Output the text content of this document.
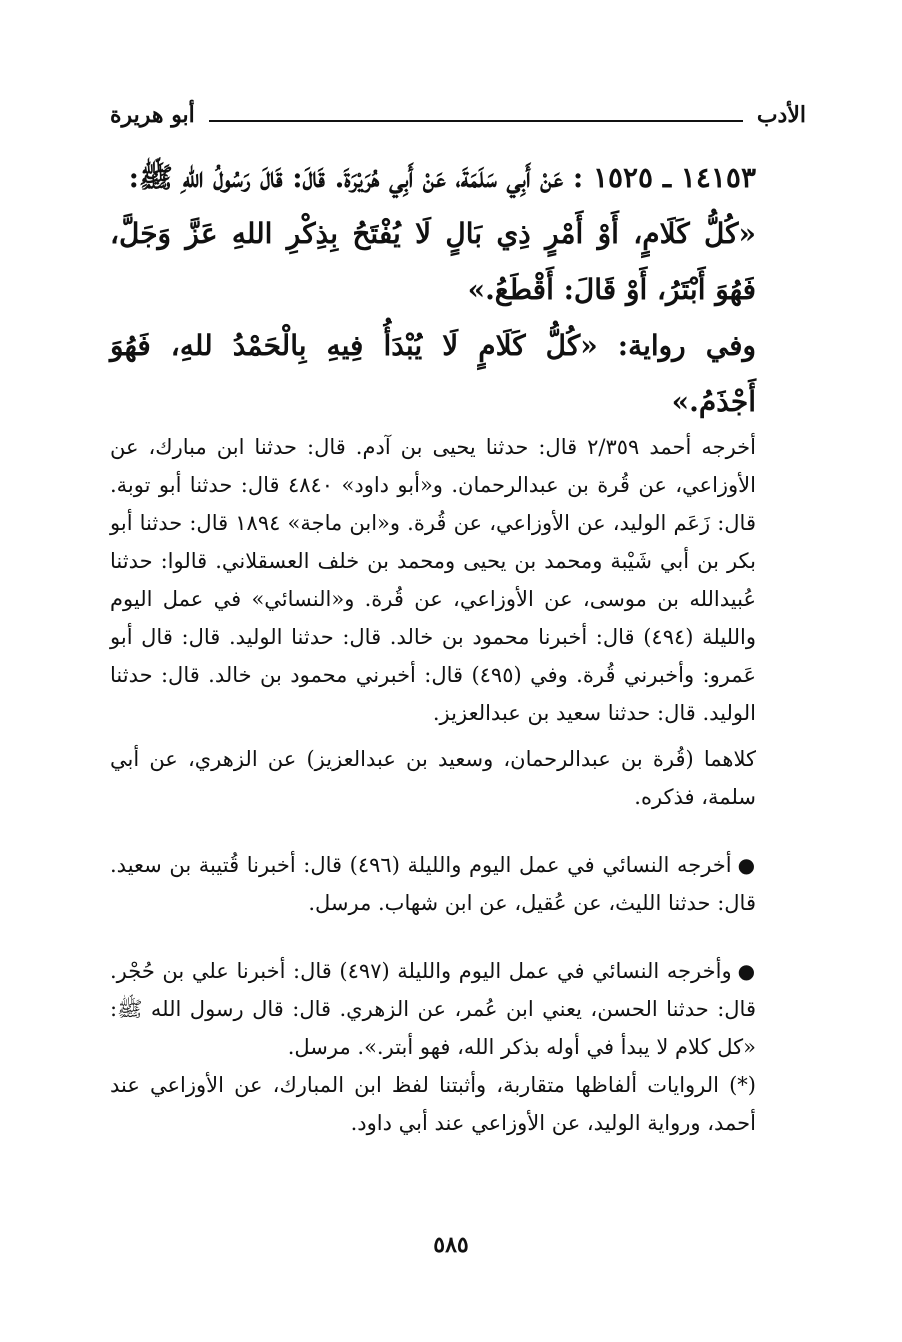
الأدب
أبو هريرة

١٤١٥٣ ـ ١٥٢٥ : عَنْ أَبِي سَلَمَةَ، عَنْ أَبِي هُرَيْرَةَ. قَالَ: قَالَ رَسُولُ اللهِ ﷺ:

«كُلُّ كَلَامٍ، أَوْ أَمْرٍ ذِي بَالٍ لَا يُفْتَحُ بِذِكْرِ اللهِ عَزَّ وَجَلَّ، فَهُوَ أَبْتَرُ، أَوْ قَالَ: أَقْطَعُ.»

وفي رواية: «كُلُّ كَلَامٍ لَا يُبْدَأُ فِيهِ بِالْحَمْدُ للهِ، فَهُوَ أَجْذَمُ.»

أخرجه أحمد ٢/٣٥٩ قال: حدثنا يحيى بن آدم. قال: حدثنا ابن مبارك، عن الأوزاعي، عن قُرة بن عبدالرحمان. و«أبو داود» ٤٨٤٠ قال: حدثنا أبو توبة. قال: زَعَم الوليد، عن الأوزاعي، عن قُرة. و«ابن ماجة» ١٨٩٤ قال: حدثنا أبو بكر بن أبي شَيْبة ومحمد بن يحيى ومحمد بن خلف العسقلاني. قالوا: حدثنا عُبيدالله بن موسى، عن الأوزاعي، عن قُرة. و«النسائي» في عمل اليوم والليلة (٤٩٤) قال: أخبرنا محمود بن خالد. قال: حدثنا الوليد. قال: قال أبو عَمرو: وأخبرني قُرة. وفي (٤٩٥) قال: أخبرني محمود بن خالد. قال: حدثنا الوليد. قال: حدثنا سعيد بن عبدالعزيز.

كلاهما (قُرة بن عبدالرحمان، وسعيد بن عبدالعزيز) عن الزهري، عن أبي سلمة، فذكره.

●أخرجه النسائي في عمل اليوم والليلة (٤٩٦) قال: أخبرنا قُتيبة بن سعيد. قال: حدثنا الليث، عن عُقيل، عن ابن شهاب. مرسل.

●وأخرجه النسائي في عمل اليوم والليلة (٤٩٧) قال: أخبرنا علي بن حُجْر. قال: حدثنا الحسن، يعني ابن عُمر، عن الزهري. قال: قال رسول الله ﷺ: «كل كلام لا يبدأ في أوله بذكر الله، فهو أبتر.». مرسل.

(*) الروايات ألفاظها متقاربة، وأثبتنا لفظ ابن المبارك، عن الأوزاعي عند أحمد، ورواية الوليد، عن الأوزاعي عند أبي داود.

٥٨٥
